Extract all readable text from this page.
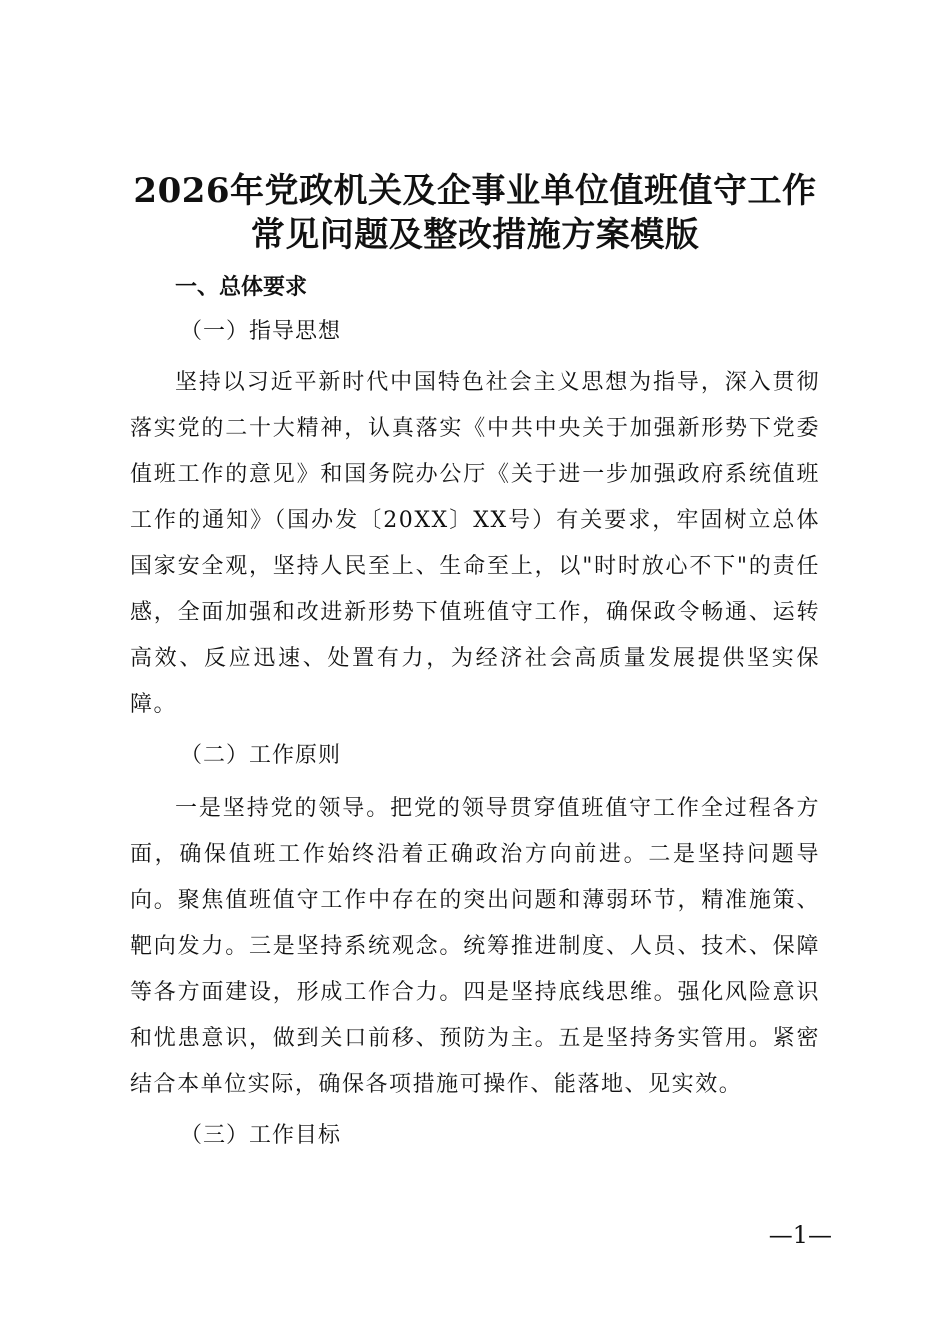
2026年党政机关及企事业单位值班值守工作
常见问题及整改措施方案模版

一、总体要求

（一）指导思想

坚持以习近平新时代中国特色社会主义思想为指导，深入贯彻落实党的二十大精神，认真落实《中共中央关于加强新形势下党委值班工作的意见》和国务院办公厅《关于进一步加强政府系统值班工作的通知》（国办发〔20XX〕XX号）有关要求，牢固树立总体国家安全观，坚持人民至上、生命至上，以"时时放心不下"的责任感，全面加强和改进新形势下值班值守工作，确保政令畅通、运转高效、反应迅速、处置有力，为经济社会高质量发展提供坚实保障。

（二）工作原则

一是坚持党的领导。把党的领导贯穿值班值守工作全过程各方面，确保值班工作始终沿着正确政治方向前进。二是坚持问题导向。聚焦值班值守工作中存在的突出问题和薄弱环节，精准施策、靶向发力。三是坚持系统观念。统筹推进制度、人员、技术、保障等各方面建设，形成工作合力。四是坚持底线思维。强化风险意识和忧患意识，做到关口前移、预防为主。五是坚持务实管用。紧密结合本单位实际，确保各项措施可操作、能落地、见实效。

（三）工作目标

—1—
